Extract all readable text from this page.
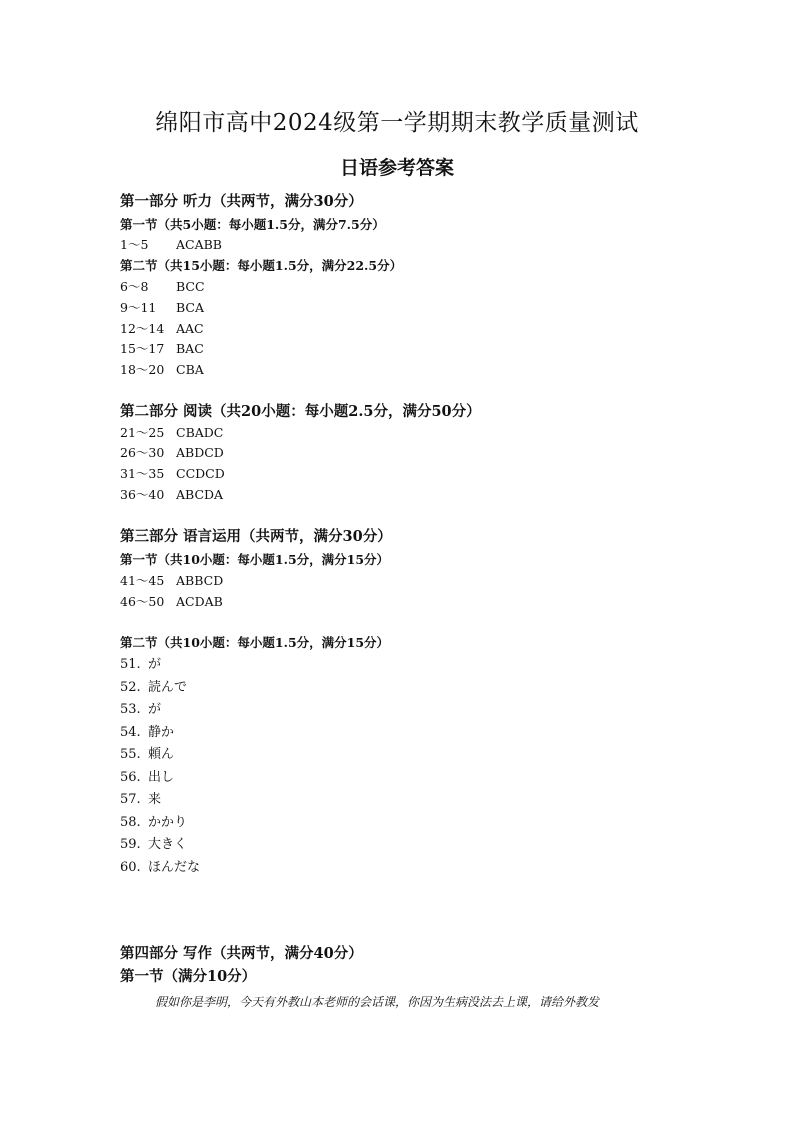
绵阳市高中2024级第一学期期末教学质量测试
日语参考答案
第一部分 听力（共两节，满分30分）
第一节（共5小题：每小题1.5分，满分7.5分）
1～5 ACABB
第二节（共15小题：每小题1.5分，满分22.5分）
6～8 BCC
9～11 BCA
12～14 AAC
15～17 BAC
18～20 CBA
第二部分 阅读（共20小题：每小题2.5分，满分50分）
21～25 CBADC
26～30 ABDCD
31～35 CCDCD
36～40 ABCDA
第三部分 语言运用（共两节，满分30分）
第一节（共10小题：每小题1.5分，满分15分）
41～45 ABBCD
46～50 ACDAB
第二节（共10小题：每小题1.5分，满分15分）
51. が
52. 読んで
53. が
54. 静か
55. 頼ん
56. 出し
57. 来
58. かかり
59. 大きく
60. ほんだな
第四部分 写作（共两节，满分40分）
第一节（满分10分）
假如你是李明，今天有外教山本老师的会话课，你因为生病没法去上课，请给外教发
